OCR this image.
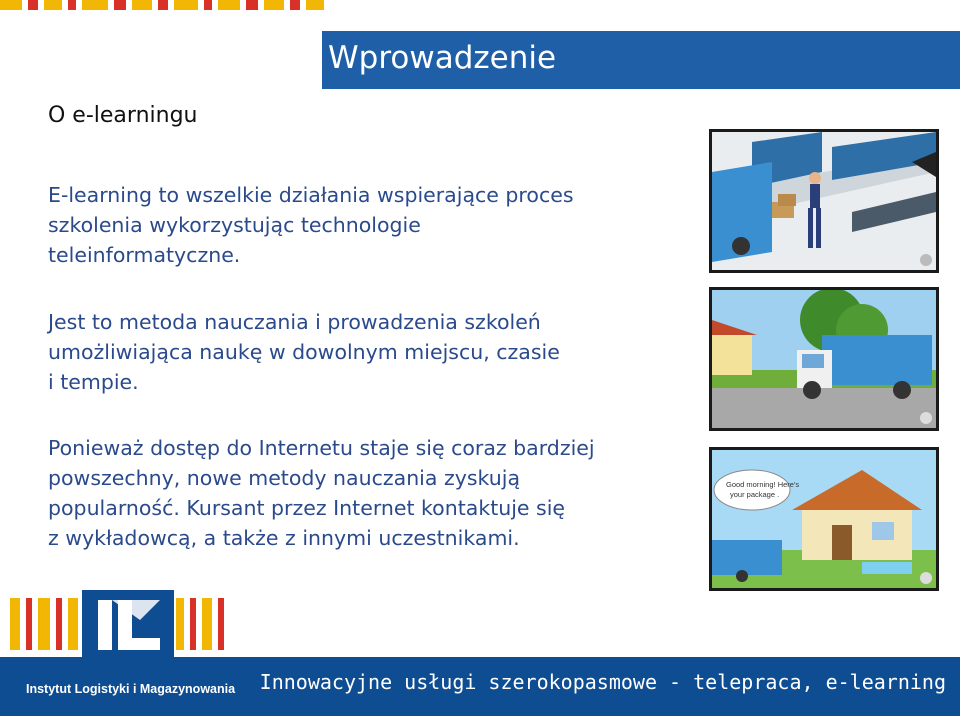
Wprowadzenie
O e-learningu
E-learning to wszelkie działania wspierające proces
szkolenia wykorzystując technologie
teleinformatyczne.
Jest to metoda nauczania i prowadzenia szkoleń
umożliwiająca naukę w dowolnym miejscu, czasie
i tempie.
Ponieważ dostęp do Internetu staje się coraz bardziej
powszechny, nowe metody nauczania zyskują
popularność. Kursant przez Internet kontaktuje się
z wykładowcą, a także z innymi uczestnikami.
Good morning! Here's
your package .
Instytut Logistyki i Magazynowania Innowacyjne usługi szerokopasmowe - telepraca, e-learning
